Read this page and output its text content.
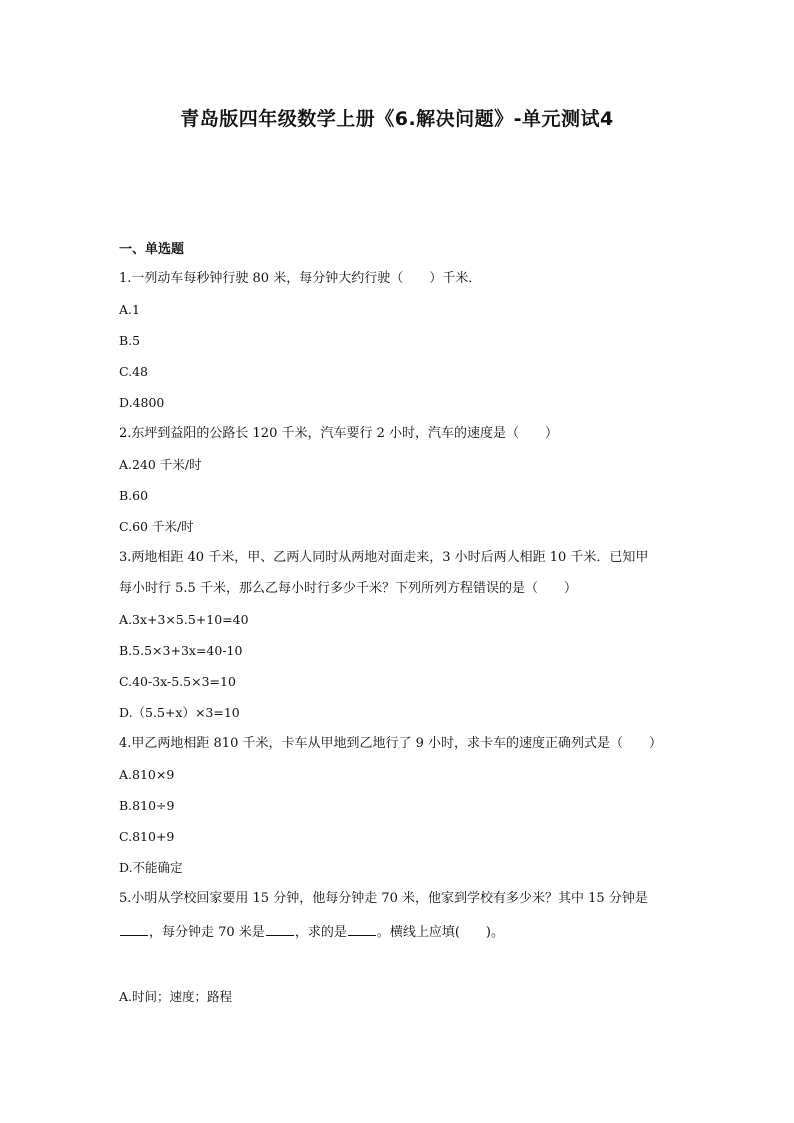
青岛版四年级数学上册《6.解决问题》-单元测试4
一、单选题
1.一列动车每秒钟行驶 80 米，每分钟大约行驶（　　）千米．
A.1
B.5
C.48
D.4800
2.东坪到益阳的公路长 120 千米，汽车要行 2 小时，汽车的速度是（　　）
A.240 千米/时
B.60
C.60 千米/时
3.两地相距 40 千米，甲、乙两人同时从两地对面走来，3 小时后两人相距 10 千米．已知甲
每小时行 5.5 千米，那么乙每小时行多少千米？下列所列方程错误的是（　　）
A.3x+3×5.5+10=40
B.5.5×3+3x=40-10
C.40-3x-5.5×3=10
D.（5.5+x）×3=10
4.甲乙两地相距 810 千米，卡车从甲地到乙地行了 9 小时，求卡车的速度正确列式是（　　）
A.810×9
B.810÷9
C.810+9
D.不能确定
5.小明从学校回家要用 15 分钟，他每分钟走 70 米，他家到学校有多少米？其中 15 分钟是
，每分钟走 70 米是 ，求的是 。横线上应填(　　)。
A.时间；速度；路程
